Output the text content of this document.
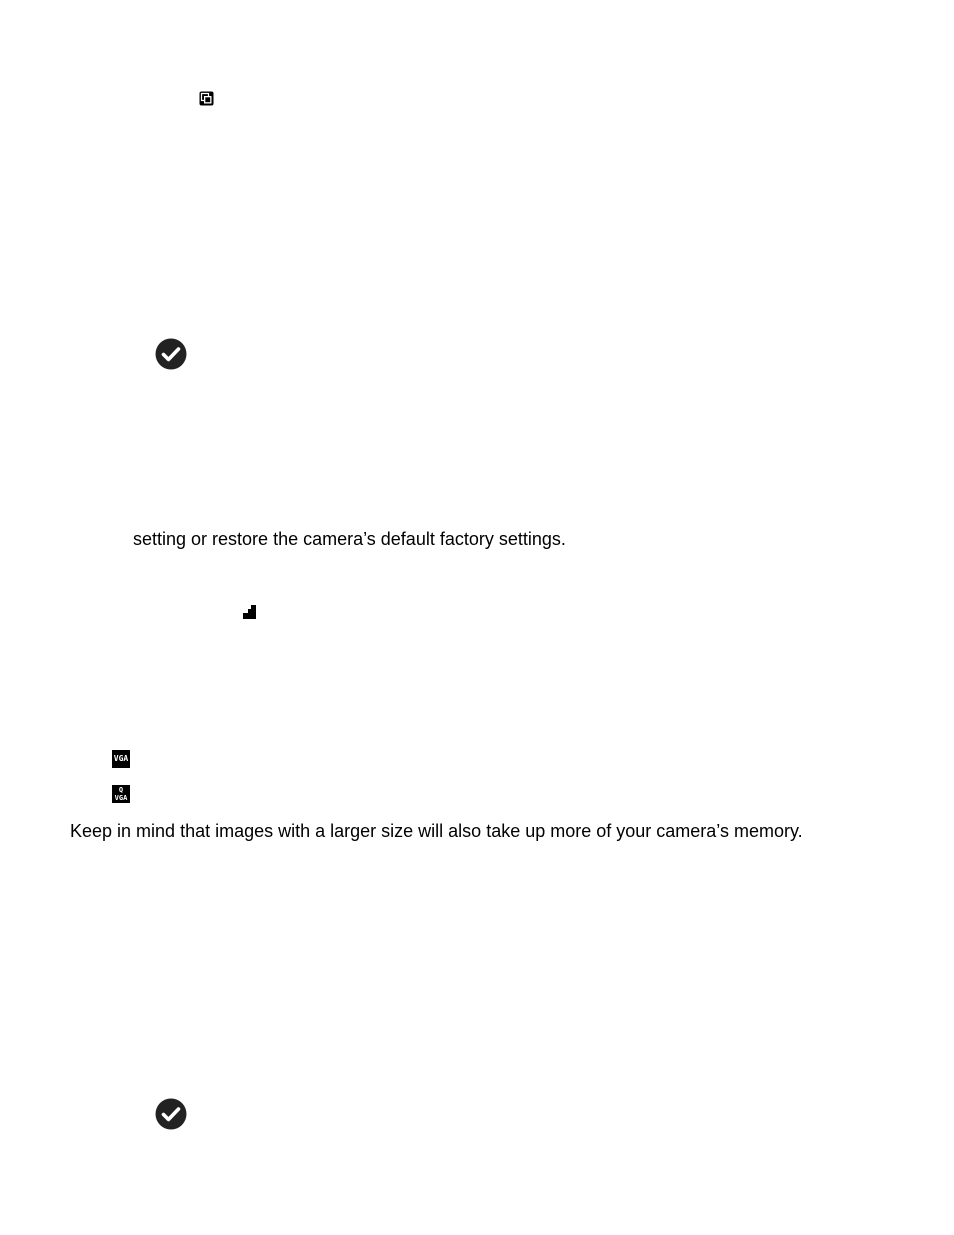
setting or restore the camera’s default factory settings.
VGA
Q
VGA
Keep in mind that images with a larger size will also take up more of your camera’s memory.
